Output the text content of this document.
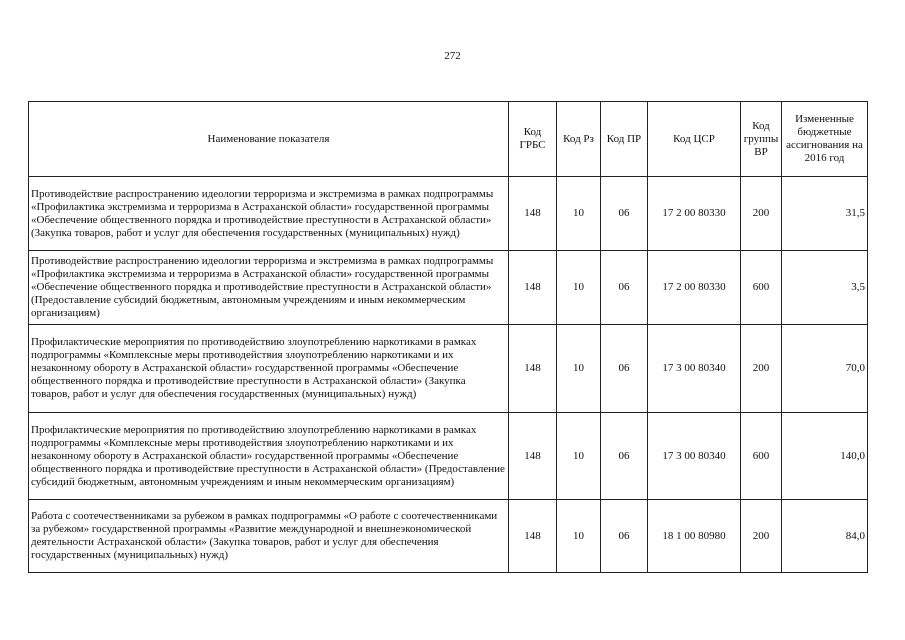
272
Наименование показателя	Код ГРБС	Код Рз	Код ПР	Код ЦСР	Код группы ВР	Измененные бюджетные ассигнования на 2016 год
Противодействие распространению идеологии терроризма и экстремизма в рамках подпрограммы «Профилактика экстремизма и терроризма в Астраханской области» государственной программы «Обеспечение общественного порядка и противодействие преступности в Астраханской области» (Закупка товаров, работ и услуг для обеспечения государственных (муниципальных) нужд)	148	10	06	17 2 00 80330	200	31,5
Противодействие распространению идеологии терроризма и экстремизма в рамках подпрограммы «Профилактика экстремизма и терроризма в Астраханской области» государственной программы «Обеспечение общественного порядка и противодействие преступности в Астраханской области» (Предоставление субсидий бюджетным, автономным учреждениям и иным некоммерческим организациям)	148	10	06	17 2 00 80330	600	3,5
Профилактические мероприятия по противодействию злоупотреблению наркотиками в рамках подпрограммы «Комплексные меры противодействия злоупотреблению наркотиками и их незаконному обороту в Астраханской области» государственной программы «Обеспечение общественного порядка и противодействие преступности в Астраханской области» (Закупка товаров, работ и услуг для обеспечения государственных (муниципальных) нужд)	148	10	06	17 3 00 80340	200	70,0
Профилактические мероприятия по противодействию злоупотреблению наркотиками в рамках подпрограммы «Комплексные меры противодействия злоупотреблению наркотиками и их незаконному обороту в Астраханской области» государственной программы «Обеспечение общественного порядка и противодействие преступности в Астраханской области» (Предоставление субсидий бюджетным, автономным учреждениям и иным некоммерческим организациям)	148	10	06	17 3 00 80340	600	140,0
Работа с соотечественниками за рубежом в рамках подпрограммы «О работе с соотечественниками за рубежом» государственной программы «Развитие международной и внешнеэкономической деятельности Астраханской области» (Закупка товаров, работ и услуг для обеспечения государственных (муниципальных) нужд)	148	10	06	18 1 00 80980	200	84,0
